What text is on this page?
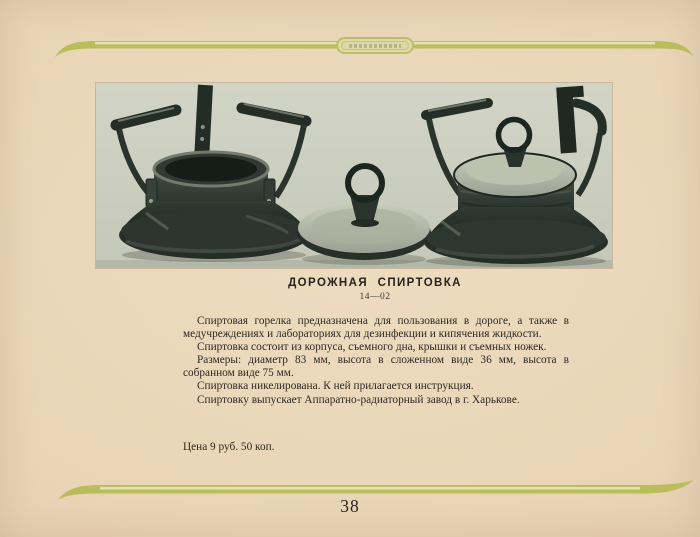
ДОРОЖНАЯ СПИРТОВКА
14—02

Спиртовая горелка предназначена для пользования в дороге, а также в медучреждениях и лабораториях для дезинфекции и кипячения жидкости.

Спиртовка состоит из корпуса, съемного дна, крышки и съемных ножек.

Размеры: диаметр 83 мм, высота в сложенном виде 36 мм, высота в собранном виде 75 мм.

Спиртовка никелирована. К ней прилагается инструкция.

Спиртовку выпускает Аппаратно-радиаторный завод в г. Харькове.

Цена 9 руб. 50 коп.
38
